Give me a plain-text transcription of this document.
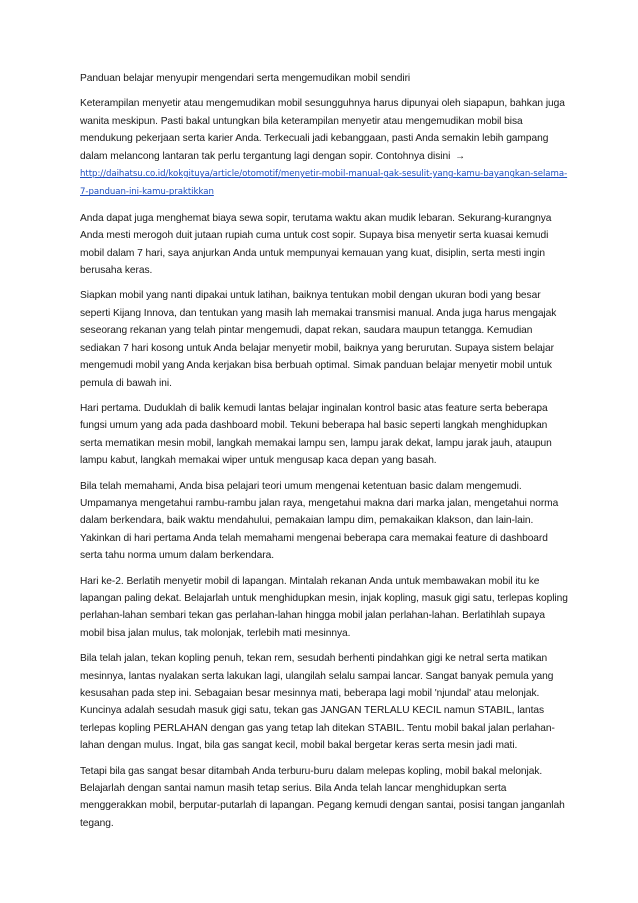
Panduan belajar menyupir mengendari serta mengemudikan mobil sendiri

Keterampilan menyetir atau mengemudikan mobil sesungguhnya harus dipunyai oleh siapapun, bahkan juga wanita meskipun. Pasti bakal untungkan bila keterampilan menyetir atau mengemudikan mobil bisa mendukung pekerjaan serta karier Anda. Terkecuali jadi kebanggaan, pasti Anda semakin lebih gampang dalam melancong lantaran tak perlu tergantung lagi dengan sopir. Contohnya disini → http://daihatsu.co.id/kokgituya/article/otomotif/menyetir-mobil-manual-gak-sesulit-yang-kamu-bayangkan-selama-7-panduan-ini-kamu-praktikkan

Anda dapat juga menghemat biaya sewa sopir, terutama waktu akan mudik lebaran. Sekurang-kurangnya Anda mesti merogoh duit jutaan rupiah cuma untuk cost sopir. Supaya bisa menyetir serta kuasai kemudi mobil dalam 7 hari, saya anjurkan Anda untuk mempunyai kemauan yang kuat, disiplin, serta mesti ingin berusaha keras.

Siapkan mobil yang nanti dipakai untuk latihan, baiknya tentukan mobil dengan ukuran bodi yang besar seperti Kijang Innova, dan tentukan yang masih lah memakai transmisi manual. Anda juga harus mengajak seseorang rekanan yang telah pintar mengemudi, dapat rekan, saudara maupun tetangga. Kemudian sediakan 7 hari kosong untuk Anda belajar menyetir mobil, baiknya yang berurutan. Supaya sistem belajar mengemudi mobil yang Anda kerjakan bisa berbuah optimal. Simak panduan belajar menyetir mobil untuk pemula di bawah ini.

Hari pertama. Duduklah di balik kemudi lantas belajar inginalan kontrol basic atas feature serta beberapa fungsi umum yang ada pada dashboard mobil. Tekuni beberapa hal basic seperti langkah menghidupkan serta mematikan mesin mobil, langkah memakai lampu sen, lampu jarak dekat, lampu jarak jauh, ataupun lampu kabut, langkah memakai wiper untuk mengusap kaca depan yang basah.

Bila telah memahami, Anda bisa pelajari teori umum mengenai ketentuan basic dalam mengemudi. Umpamanya mengetahui rambu-rambu jalan raya, mengetahui makna dari marka jalan, mengetahui norma dalam berkendara, baik waktu mendahului, pemakaian lampu dim, pemakaikan klakson, dan lain-lain. Yakinkan di hari pertama Anda telah memahami mengenai beberapa cara memakai feature di dashboard serta tahu norma umum dalam berkendara.

Hari ke-2. Berlatih menyetir mobil di lapangan. Mintalah rekanan Anda untuk membawakan mobil itu ke lapangan paling dekat. Belajarlah untuk menghidupkan mesin, injak kopling, masuk gigi satu, terlepas kopling perlahan-lahan sembari tekan gas perlahan-lahan hingga mobil jalan perlahan-lahan. Berlatihlah supaya mobil bisa jalan mulus, tak molonjak, terlebih mati mesinnya.

Bila telah jalan, tekan kopling penuh, tekan rem, sesudah berhenti pindahkan gigi ke netral serta matikan mesinnya, lantas nyalakan serta lakukan lagi, ulangilah selalu sampai lancar. Sangat banyak pemula yang kesusahan pada step ini. Sebagaian besar mesinnya mati, beberapa lagi mobil 'njundal' atau melonjak. Kuncinya adalah sesudah masuk gigi satu, tekan gas JANGAN TERLALU KECIL namun STABIL, lantas terlepas kopling PERLAHAN dengan gas yang tetap lah ditekan STABIL. Tentu mobil bakal jalan perlahan-lahan dengan mulus. Ingat, bila gas sangat kecil, mobil bakal bergetar keras serta mesin jadi mati.

Tetapi bila gas sangat besar ditambah Anda terburu-buru dalam melepas kopling, mobil bakal melonjak. Belajarlah dengan santai namun masih tetap serius. Bila Anda telah lancar menghidupkan serta menggerakkan mobil, berputar-putarlah di lapangan. Pegang kemudi dengan santai, posisi tangan janganlah tegang.
